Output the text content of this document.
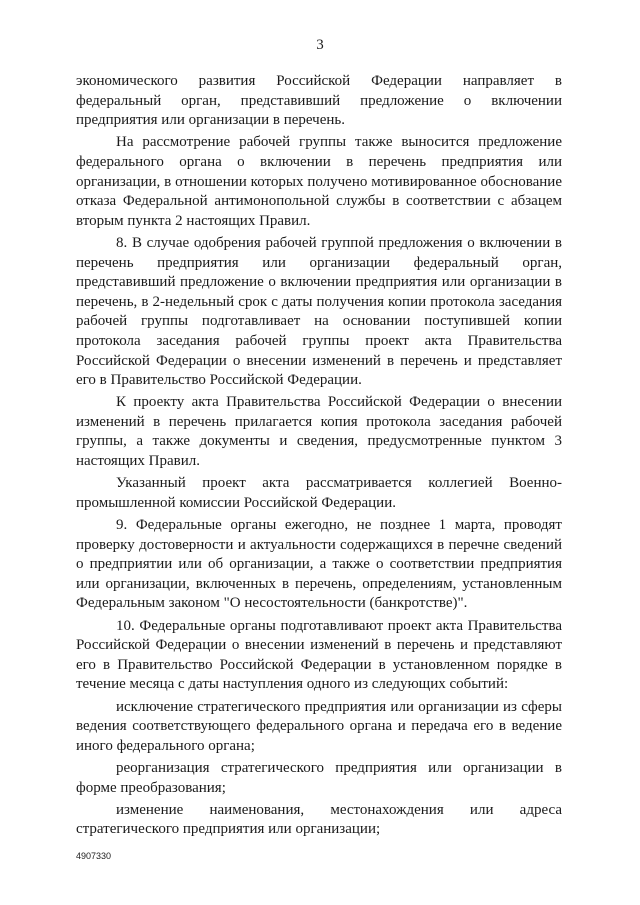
3

экономического развития Российской Федерации направляет в федеральный орган, представивший предложение о включении предприятия или организации в перечень.

На рассмотрение рабочей группы также выносится предложение федерального органа о включении в перечень предприятия или организации, в отношении которых получено мотивированное обоснование отказа Федеральной антимонопольной службы в соответствии с абзацем вторым пункта 2 настоящих Правил.

8. В случае одобрения рабочей группой предложения о включении в перечень предприятия или организации федеральный орган, представивший предложение о включении предприятия или организации в перечень, в 2-недельный срок с даты получения копии протокола заседания рабочей группы подготавливает на основании поступившей копии протокола заседания рабочей группы проект акта Правительства Российской Федерации о внесении изменений в перечень и представляет его в Правительство Российской Федерации.

К проекту акта Правительства Российской Федерации о внесении изменений в перечень прилагается копия протокола заседания рабочей группы, а также документы и сведения, предусмотренные пунктом 3 настоящих Правил.

Указанный проект акта рассматривается коллегией Военно-промышленной комиссии Российской Федерации.

9. Федеральные органы ежегодно, не позднее 1 марта, проводят проверку достоверности и актуальности содержащихся в перечне сведений о предприятии или об организации, а также о соответствии предприятия или организации, включенных в перечень, определениям, установленным Федеральным законом "О несостоятельности (банкротстве)".

10. Федеральные органы подготавливают проект акта Правительства Российской Федерации о внесении изменений в перечень и представляют его в Правительство Российской Федерации в установленном порядке в течение месяца с даты наступления одного из следующих событий:

исключение стратегического предприятия или организации из сферы ведения соответствующего федерального органа и передача его в ведение иного федерального органа;

реорганизация стратегического предприятия или организации в форме преобразования;

изменение наименования, местонахождения или адреса стратегического предприятия или организации;

4907330
